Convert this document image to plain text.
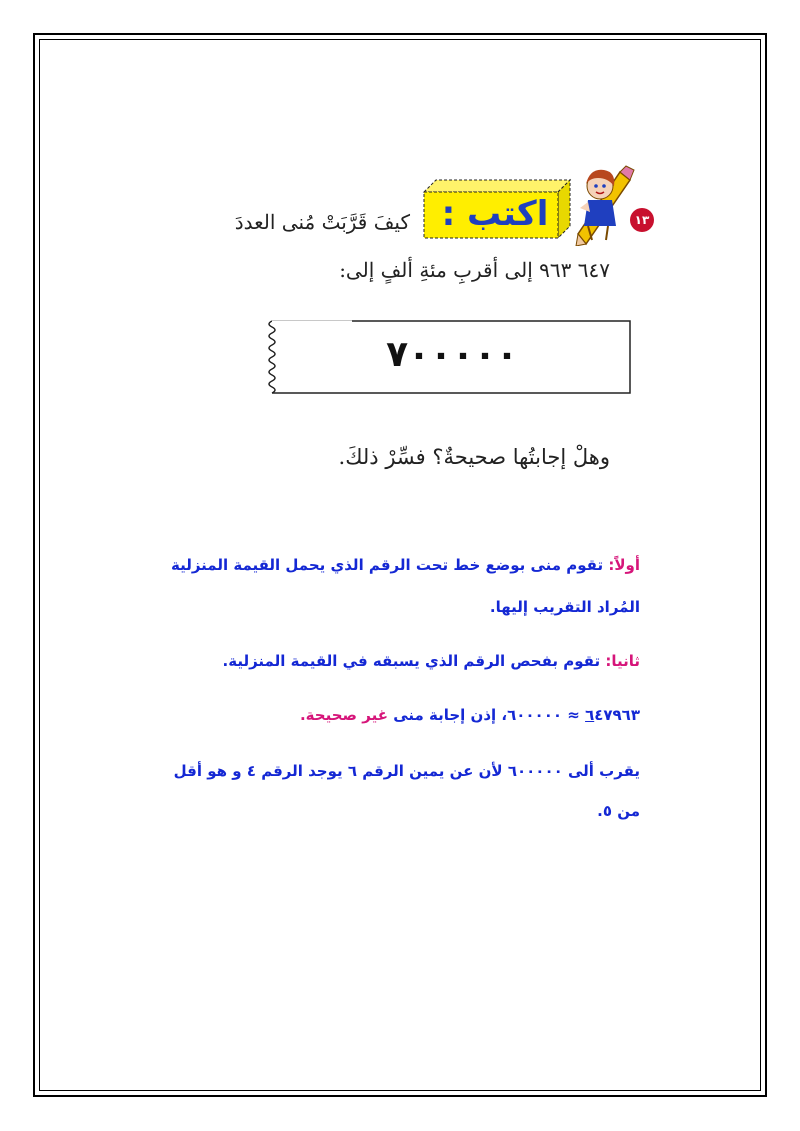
١٣
اكتب :
كيفَ قَرَّبَتْ مُنى العددَ
٦٤٧ ٩٦٣ إلى أقربِ مئةِ ألفٍ إلى:
٧٠٠٠٠٠
وهلْ إجابتُها صحيحةٌ؟ فسِّرْ ذلكَ.
أولاً: تقوم منى بوضع خط تحت الرقم الذي يحمل القيمة المنزلية
المُراد التقريب إليها.
ثانيا: تقوم بفحص الرقم الذي يسبقه في القيمة المنزلية.
٦٤٧٩٦٣ ≈ ٦٠٠٠٠٠، إذن إجابة منى غير صحيحة.
يقرب ألى ٦٠٠٠٠٠ لأن عن يمين الرقم ٦ يوجد الرقم ٤ و هو أقل
من ٥.
